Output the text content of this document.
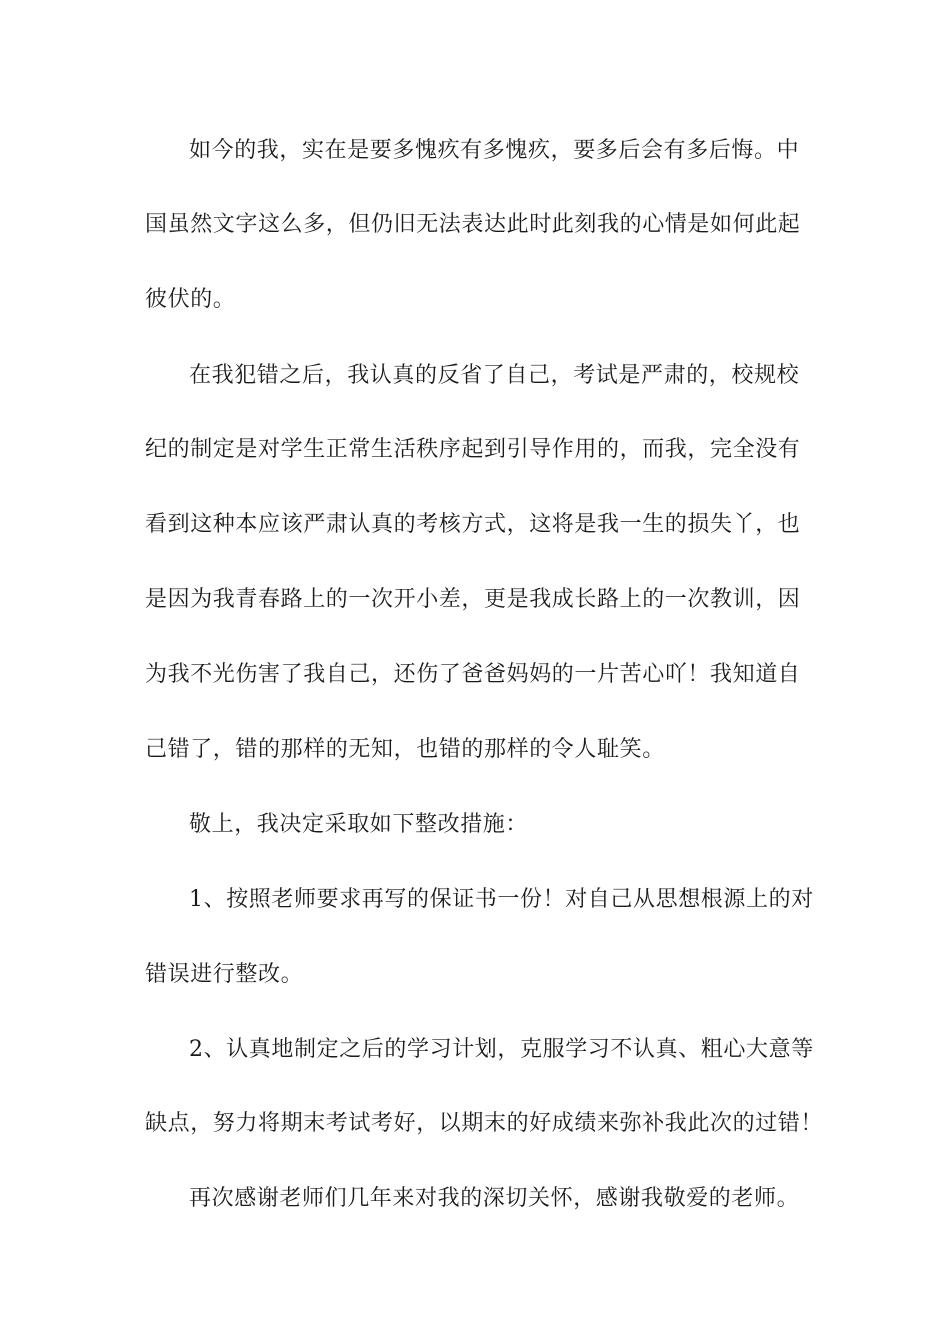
如今的我，实在是要多愧疚有多愧疚，要多后会有多后悔。中
国虽然文字这么多，但仍旧无法表达此时此刻我的心情是如何此起
彼伏的。
在我犯错之后，我认真的反省了自己，考试是严肃的，校规校
纪的制定是对学生正常生活秩序起到引导作用的，而我，完全没有
看到这种本应该严肃认真的考核方式，这将是我一生的损失丫，也
是因为我青春路上的一次开小差，更是我成长路上的一次教训，因
为我不光伤害了我自己，还伤了爸爸妈妈的一片苦心吖！我知道自
己错了，错的那样的无知，也错的那样的令人耻笑。
敬上，我决定采取如下整改措施：
1、按照老师要求再写的保证书一份！对自己从思想根源上的对
错误进行整改。
2、认真地制定之后的学习计划，克服学习不认真、粗心大意等
缺点，努力将期末考试考好，以期末的好成绩来弥补我此次的过错！
再次感谢老师们几年来对我的深切关怀，感谢我敬爱的老师。
